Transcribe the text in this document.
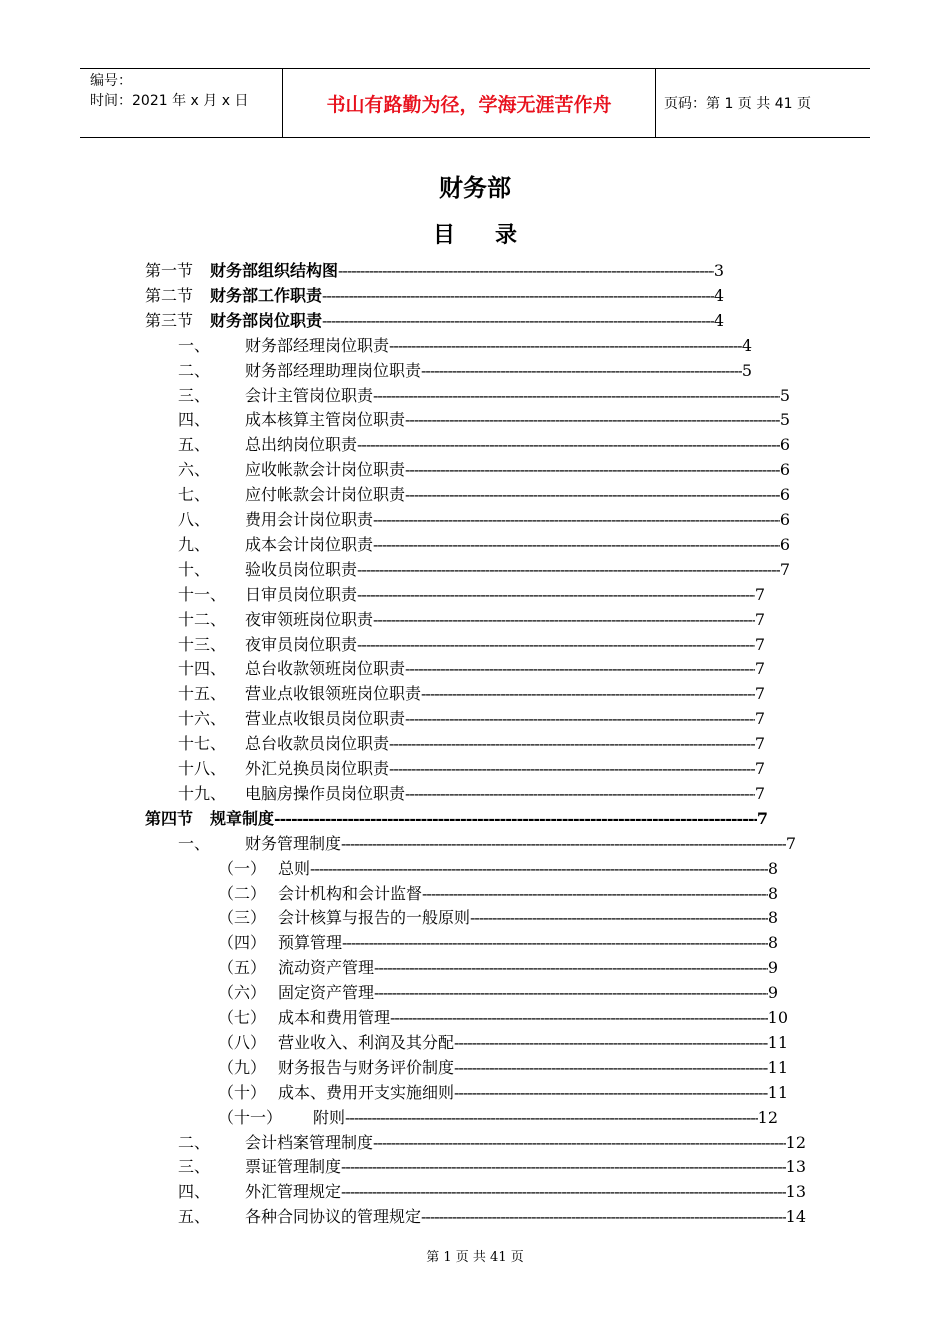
编号：
时间：2021 年 x 月 x 日	书山有路勤为径，学海无涯苦作舟	页码：第 1 页 共 41 页
财务部
目录
第一节	财务部组织结构图 -----	3
第二节	财务部工作职责 -----	4
第三节	财务部岗位职责 -----	4
一、	财务部经理岗位职责 -----	4
二、	财务部经理助理岗位职责 -----	5
三、	会计主管岗位职责 -----	5
四、	成本核算主管岗位职责 -----	5
五、	总出纳岗位职责 -----	6
六、	应收帐款会计岗位职责 -----	6
七、	应付帐款会计岗位职责 -----	6
八、	费用会计岗位职责 -----	6
九、	成本会计岗位职责 -----	6
十、	验收员岗位职责 -----	7
十一、	日审员岗位职责 -----	7
十二、	夜审领班岗位职责 -----	7
十三、	夜审员岗位职责 -----	7
十四、	总台收款领班岗位职责 -----	7
十五、	营业点收银领班岗位职责 -----	7
十六、	营业点收银员岗位职责 -----	7
十七、	总台收款员岗位职责 -----	7
十八、	外汇兑换员岗位职责 -----	7
十九、	电脑房操作员岗位职责 -----	7
第四节	规章制度 -----	7
一、	财务管理制度 -----	7
（一） 总则 -----	8
（二） 会计机构和会计监督 -----	8
（三） 会计核算与报告的一般原则 -----	8
（四） 预算管理 -----	8
（五） 流动资产管理 -----	9
（六） 固定资产管理 -----	9
（七） 成本和费用管理 -----	10
（八） 营业收入、利润及其分配 -----	11
（九） 财务报告与财务评价制度 -----	11
（十） 成本、费用开支实施细则 -----	11
（十一）	附则 -----	12
二、	会计档案管理制度 -----	12
三、	票证管理制度 -----	13
四、	外汇管理规定 -----	13
五、	各种合同协议的管理规定 -----	14
第 1 页 共 41 页
